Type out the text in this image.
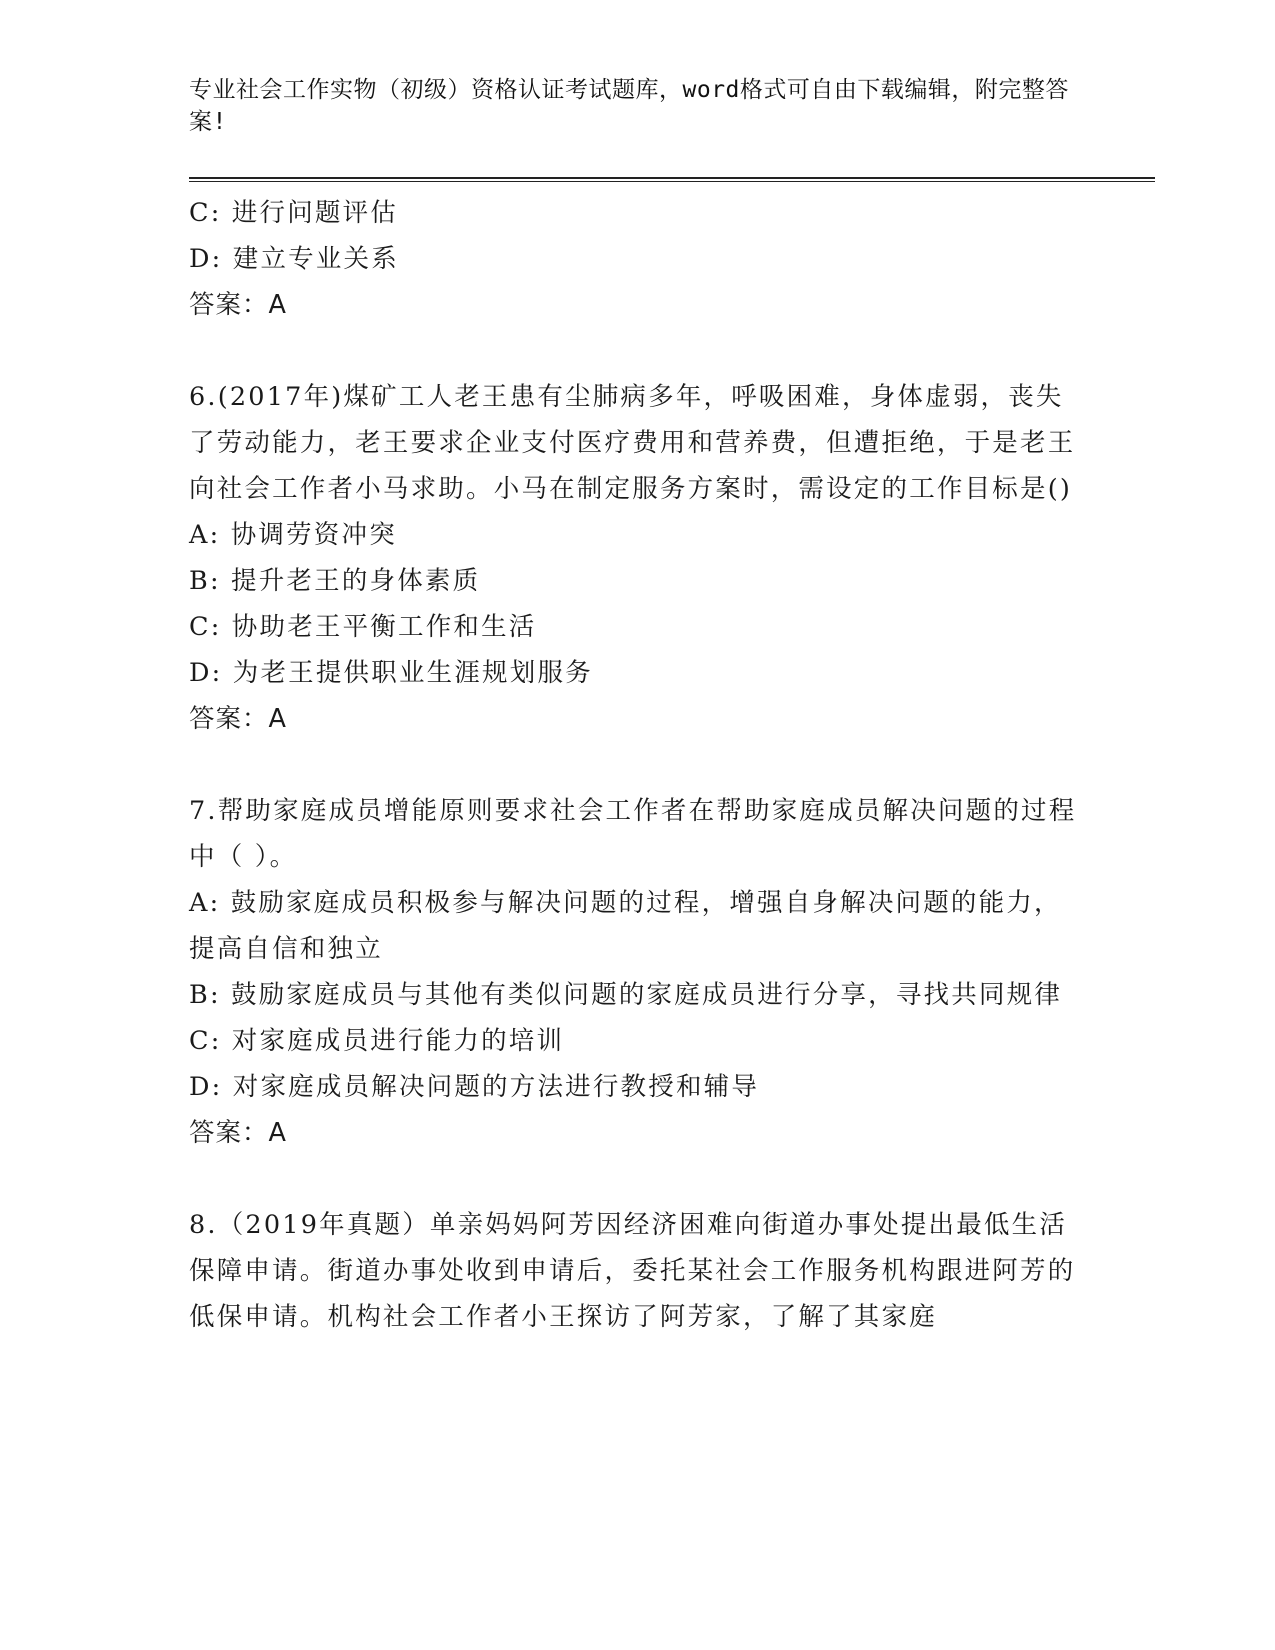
专业社会工作实物（初级）资格认证考试题库，word格式可自由下载编辑，附完整答案!
C: 进行问题评估
D: 建立专业关系
答案：A
6.(2017年)煤矿工人老王患有尘肺病多年，呼吸困难，身体虚弱，丧失了劳动能力，老王要求企业支付医疗费用和营养费，但遭拒绝，于是老王向社会工作者小马求助。小马在制定服务方案时，需设定的工作目标是()
A: 协调劳资冲突
B: 提升老王的身体素质
C: 协助老王平衡工作和生活
D: 为老王提供职业生涯规划服务
答案：A
7.帮助家庭成员增能原则要求社会工作者在帮助家庭成员解决问题的过程中（ ）。
A: 鼓励家庭成员积极参与解决问题的过程，增强自身解决问题的能力，提高自信和独立
B: 鼓励家庭成员与其他有类似问题的家庭成员进行分享，寻找共同规律
C: 对家庭成员进行能力的培训
D: 对家庭成员解决问题的方法进行教授和辅导
答案：A
8.（2019年真题）单亲妈妈阿芳因经济困难向街道办事处提出最低生活保障申请。街道办事处收到申请后，委托某社会工作服务机构跟进阿芳的低保申请。机构社会工作者小王探访了阿芳家，了解了其家庭
